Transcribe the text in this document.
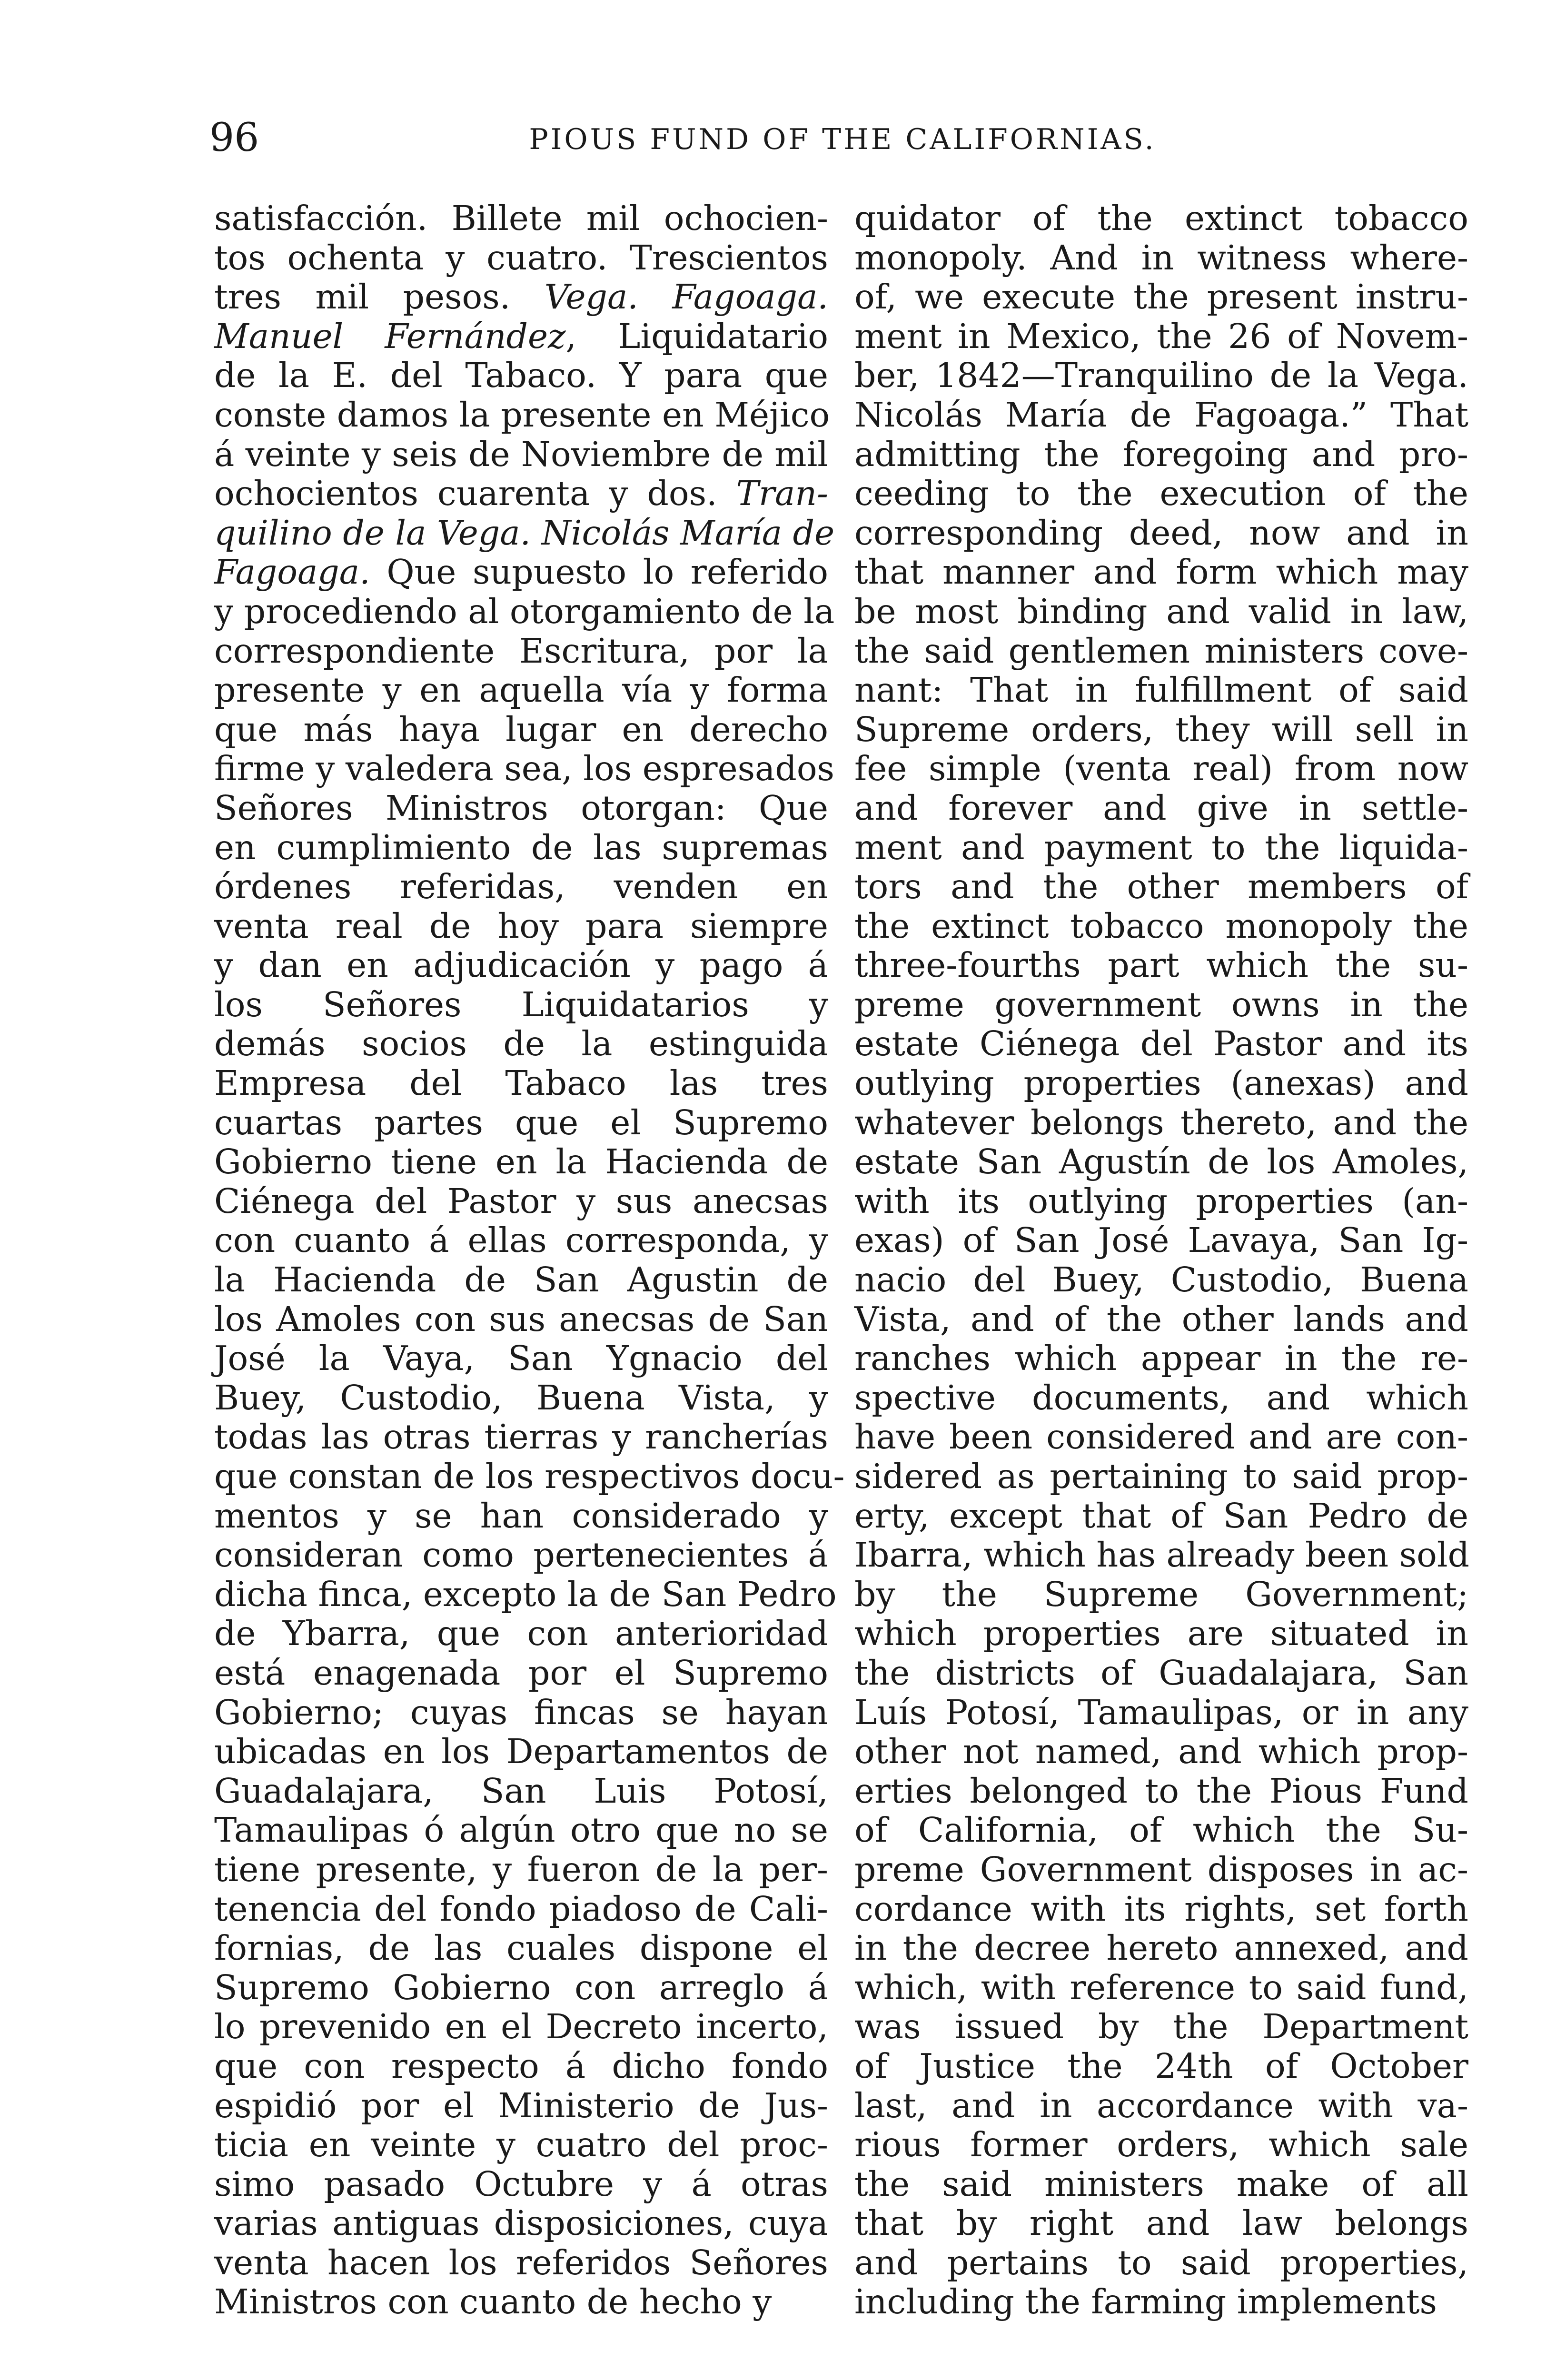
96	PIOUS FUND OF THE CALIFORNIAS.
satisfacción. Billete mil ochocien-
tos ochenta y cuatro. Trescientos
tres mil pesos. Vega. Fagoaga.
Manuel Fernández, Liquidatario
de la E. del Tabaco. Y para que
conste damos la presente en Méjico
á veinte y seis de Noviembre de mil
ochocientos cuarenta y dos. Tran-
quilino de la Vega. Nicolás María de
Fagoaga. Que supuesto lo referido
y procediendo al otorgamiento de la
correspondiente Escritura, por la
presente y en aquella vía y forma
que más haya lugar en derecho
firme y valedera sea, los espresados
Señores Ministros otorgan: Que
en cumplimiento de las supremas
órdenes referidas, venden en
venta real de hoy para siempre
y dan en adjudicación y pago á
los Señores Liquidatarios y
demás socios de la estinguida
Empresa del Tabaco las tres
cuartas partes que el Supremo
Gobierno tiene en la Hacienda de
Ciénega del Pastor y sus anecsas
con cuanto á ellas corresponda, y
la Hacienda de San Agustin de
los Amoles con sus anecsas de San
José la Vaya, San Ygnacio del
Buey, Custodio, Buena Vista, y
todas las otras tierras y rancherías
que constan de los respectivos docu-
mentos y se han considerado y
consideran como pertenecientes á
dicha finca, excepto la de San Pedro
de Ybarra, que con anterioridad
está enagenada por el Supremo
Gobierno; cuyas fincas se hayan
ubicadas en los Departamentos de
Guadalajara, San Luis Potosí,
Tamaulipas ó algún otro que no se
tiene presente, y fueron de la per-
tenencia del fondo piadoso de Cali-
fornias, de las cuales dispone el
Supremo Gobierno con arreglo á
lo prevenido en el Decreto incerto,
que con respecto á dicho fondo
espidió por el Ministerio de Jus-
ticia en veinte y cuatro del proc-
simo pasado Octubre y á otras
varias antiguas disposiciones, cuya
venta hacen los referidos Señores
Ministros con cuanto de hecho y
quidator of the extinct tobacco
monopoly. And in witness where-
of, we execute the present instru-
ment in Mexico, the 26 of Novem-
ber, 1842—Tranquilino de la Vega.
Nicolás María de Fagoaga.” That
admitting the foregoing and pro-
ceeding to the execution of the
corresponding deed, now and in
that manner and form which may
be most binding and valid in law,
the said gentlemen ministers cove-
nant: That in fulfillment of said
Supreme orders, they will sell in
fee simple (venta real) from now
and forever and give in settle-
ment and payment to the liquida-
tors and the other members of
the extinct tobacco monopoly the
three-fourths part which the su-
preme government owns in the
estate Ciénega del Pastor and its
outlying properties (anexas) and
whatever belongs thereto, and the
estate San Agustín de los Amoles,
with its outlying properties (an-
exas) of San José Lavaya, San Ig-
nacio del Buey, Custodio, Buena
Vista, and of the other lands and
ranches which appear in the re-
spective documents, and which
have been considered and are con-
sidered as pertaining to said prop-
erty, except that of San Pedro de
Ibarra, which has already been sold
by the Supreme Government;
which properties are situated in
the districts of Guadalajara, San
Luís Potosí, Tamaulipas, or in any
other not named, and which prop-
erties belonged to the Pious Fund
of California, of which the Su-
preme Government disposes in ac-
cordance with its rights, set forth
in the decree hereto annexed, and
which, with reference to said fund,
was issued by the Department
of Justice the 24th of October
last, and in accordance with va-
rious former orders, which sale
the said ministers make of all
that by right and law belongs
and pertains to said properties,
including the farming implements
